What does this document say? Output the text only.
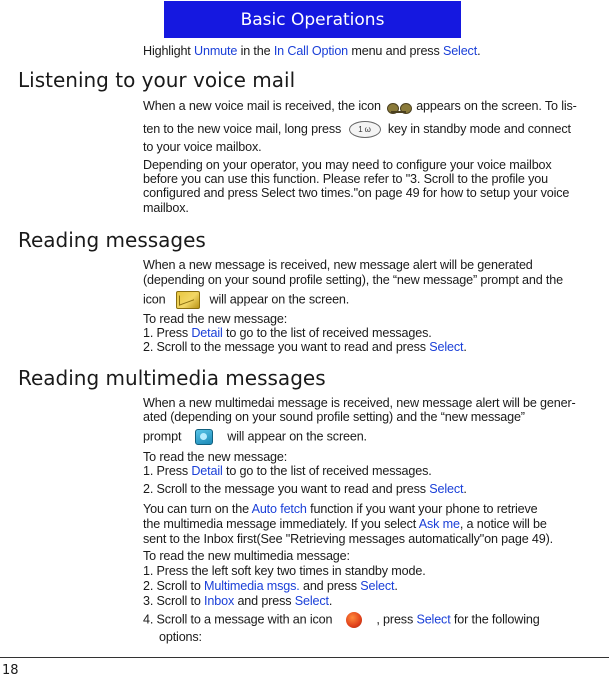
Basic Operations
Highlight Unmute in the In Call Option menu and press Select.
Listening to your voice mail
When a new voice mail is received, the icon	appears on the screen. To lis-
ten to the new voice mail, long press 1 ω key in standby mode and connect
to your voice mailbox.
Depending on your operator, you may need to configure your voice mailbox
before you can use this function. Please refer to "3. Scroll to the profile you
configured and press Select two times."on page 49 for how to setup your voice
mailbox.
Reading messages
When a new message is received, new message alert will be generated
(depending on your sound profile setting), the “new message” prompt and the
icon	will appear on the screen.
To read the new message:
1. Press Detail to go to the list of received messages.
2. Scroll to the message you want to read and press Select.
Reading multimedia messages
When a new multimedai message is received, new message alert will be gener-
ated (depending on your sound profile setting) and the “new message”
prompt	will appear on the screen.
To read the new message:
1. Press Detail to go to the list of received messages.
2. Scroll to the message you want to read and press Select.
You can turn on the Auto fetch function if you want your phone to retrieve
the multimedia message immediately. If you select Ask me, a notice will be
sent to the Inbox first(See "Retrieving messages automatically"on page 49).
To read the new multimedia message:
1. Press the left soft key two times in standby mode.
2. Scroll to Multimedia msgs. and press Select.
3. Scroll to Inbox and press Select.
4. Scroll to a message with an icon	, press Select for the following
options:
18
